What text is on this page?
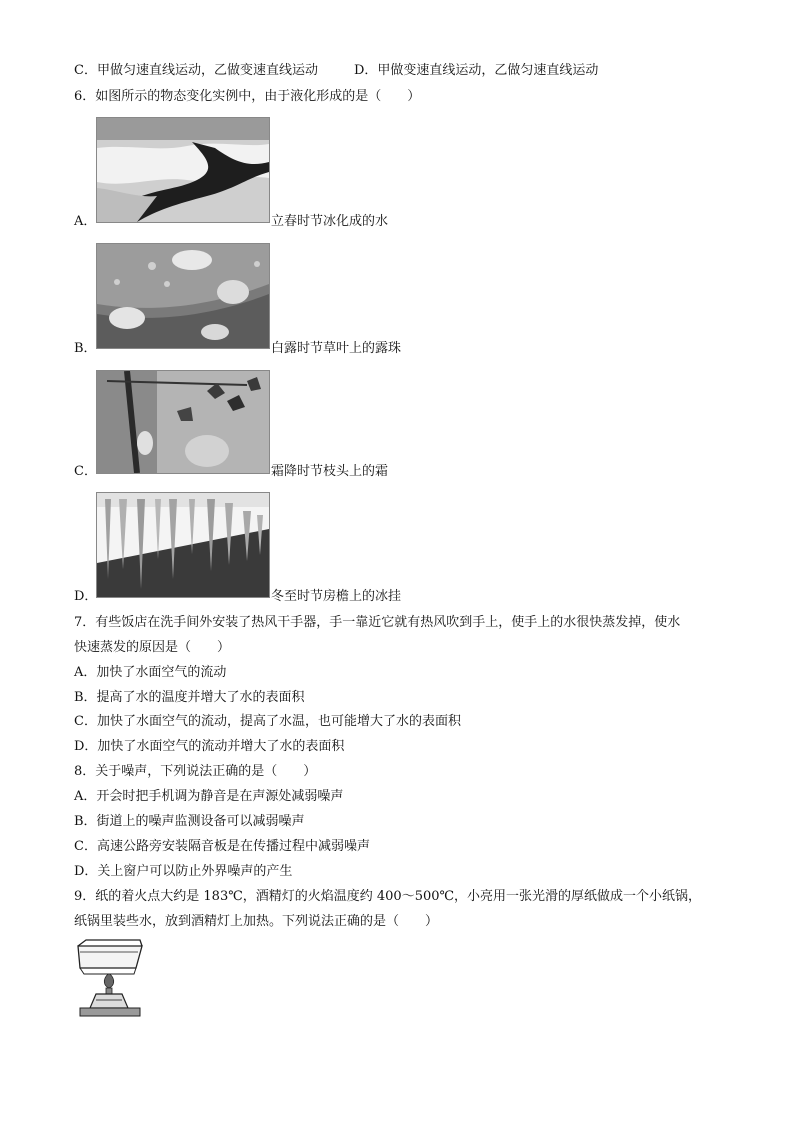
C．甲做匀速直线运动，乙做变速直线运动	D．甲做变速直线运动，乙做匀速直线运动
6．如图所示的物态变化实例中，由于液化形成的是（　　）
A．	立春时节冰化成的水
B．	白露时节草叶上的露珠
C．	霜降时节枝头上的霜
D．	冬至时节房檐上的冰挂
7．有些饭店在洗手间外安装了热风干手器，手一靠近它就有热风吹到手上，使手上的水很快蒸发掉，使水
快速蒸发的原因是（　　）
A．加快了水面空气的流动
B．提高了水的温度并增大了水的表面积
C．加快了水面空气的流动，提高了水温，也可能增大了水的表面积
D．加快了水面空气的流动并增大了水的表面积
8．关于噪声，下列说法正确的是（　　）
A．开会时把手机调为静音是在声源处减弱噪声
B．街道上的噪声监测设备可以减弱噪声
C．高速公路旁安装隔音板是在传播过程中减弱噪声
D．关上窗户可以防止外界噪声的产生
9．纸的着火点大约是 183℃，酒精灯的火焰温度约 400～500℃，小亮用一张光滑的厚纸做成一个小纸锅，
纸锅里装些水，放到酒精灯上加热。下列说法正确的是（　　）
